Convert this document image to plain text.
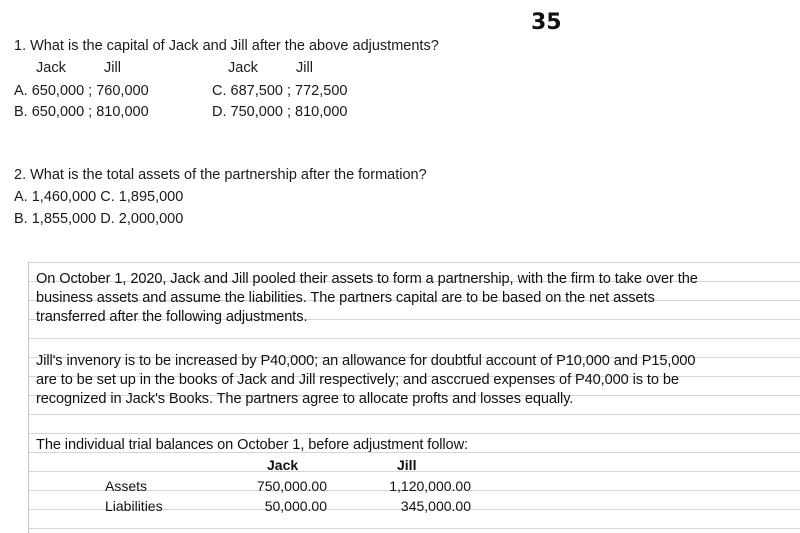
35
1. What is the capital of Jack and Jill after the above adjustments?
Jack	Jill	Jack	Jill
A. 650,000 ; 760,000	C. 687,500 ; 772,500
B. 650,000 ; 810,000	D. 750,000 ; 810,000
2. What is the total assets of the partnership after the formation?
A. 1,460,000 C. 1,895,000
B. 1,855,000 D. 2,000,000
On October 1, 2020, Jack and Jill pooled their assets to form a partnership, with the firm to take over the
business assets and assume the liabilities. The partners capital are to be based on the net assets
transferred after the following adjustments.
Jill's invenory is to be increased by P40,000; an allowance for doubtful account of P10,000 and P15,000
are to be set up in the books of Jack and Jill respectively; and asccrued expenses of P40,000 is to be
recognized in Jack's Books. The partners agree to allocate profts and losses equally.
The individual trial balances on October 1, before adjustment follow:
Jack	Jill
Assets	750,000.00	1,120,000.00
Liabilities	50,000.00	345,000.00
